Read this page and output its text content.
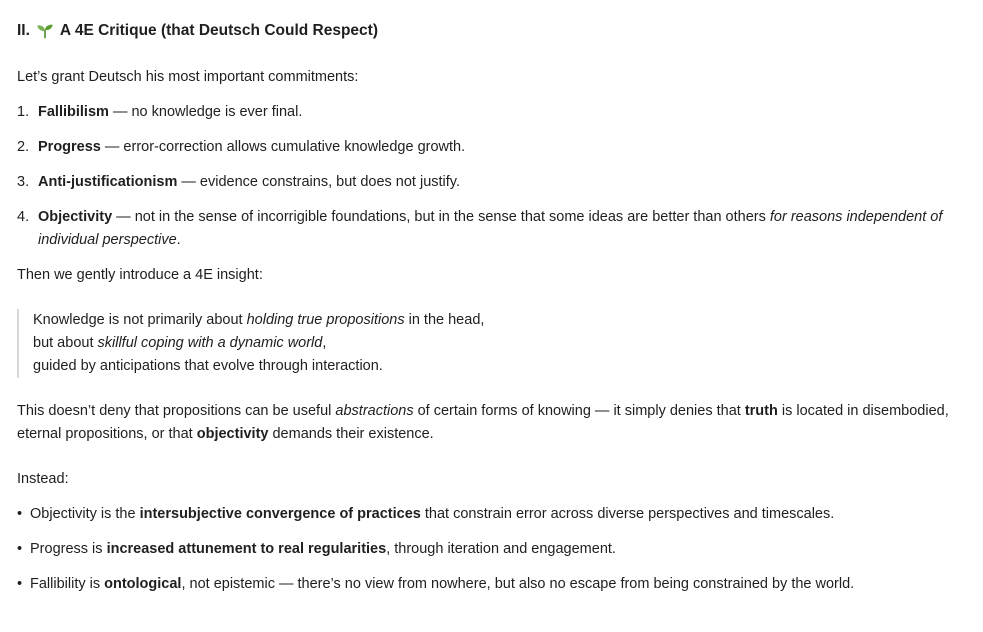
II. A 4E Critique (that Deutsch Could Respect)

Let’s grant Deutsch his most important commitments:

1. Fallibilism — no knowledge is ever final.
2. Progress — error-correction allows cumulative knowledge growth.
3. Anti-justificationism — evidence constrains, but does not justify.
4. Objectivity — not in the sense of incorrigible foundations, but in the sense that some ideas are better than others for reasons independent of individual perspective.

Then we gently introduce a 4E insight:

Knowledge is not primarily about holding true propositions in the head,
but about skillful coping with a dynamic world,
guided by anticipations that evolve through interaction.

This doesn’t deny that propositions can be useful abstractions of certain forms of knowing — it simply denies that truth is located in disembodied, eternal propositions, or that objectivity demands their existence.

Instead:

• Objectivity is the intersubjective convergence of practices that constrain error across diverse perspectives and timescales.
• Progress is increased attunement to real regularities, through iteration and engagement.
• Fallibility is ontological, not epistemic — there’s no view from nowhere, but also no escape from being constrained by the world.
